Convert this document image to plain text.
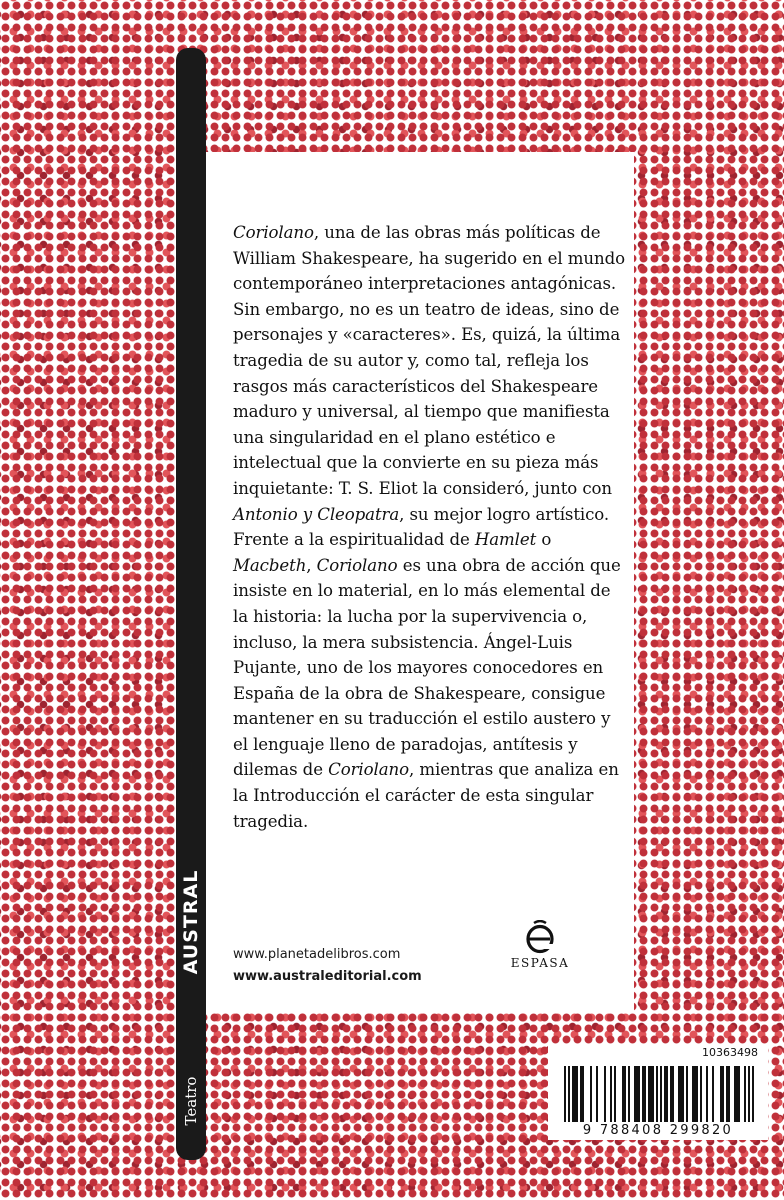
AUSTRAL
Teatro

Coriolano, una de las obras más políticas de William Shakespeare, ha sugerido en el mundo contemporáneo interpretaciones antagónicas. Sin embargo, no es un teatro de ideas, sino de personajes y «caracteres». Es, quizá, la última tragedia de su autor y, como tal, refleja los rasgos más característicos del Shakespeare maduro y universal, al tiempo que manifiesta una singularidad en el plano estético e intelectual que la convierte en su pieza más inquietante: T. S. Eliot la consideró, junto con Antonio y Cleopatra, su mejor logro artístico. Frente a la espiritualidad de Hamlet o Macbeth, Coriolano es una obra de acción que insiste en lo material, en lo más elemental de la historia: la lucha por la supervivencia o, incluso, la mera subsistencia. Ángel-Luis Pujante, uno de los mayores conocedores en España de la obra de Shakespeare, consigue mantener en su traducción el estilo austero y el lenguaje lleno de paradojas, antítesis y dilemas de Coriolano, mientras que analiza en la Introducción el carácter de esta singular tragedia.

www.planetadelibros.com
www.australeditorial.com
ESPASA
10363498
9 788408 299820
